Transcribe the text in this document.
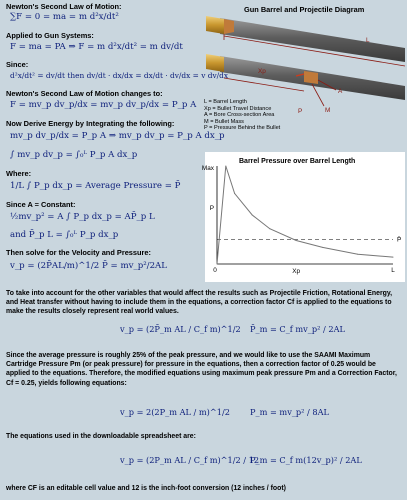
Newton's Second Law of Motion:
∑F = 0 = ma = m d²x/dt²
Applied to Gun Systems:
F = ma = PA ⇒ F = m d²x/dt² = m dv/dt
Since:
d²x/dt² = dv/dt then dv/dt · dx/dx = dx/dt · dv/dx = v dv/dx
Newton's Second Law of Motion changes to:
F = mv_p dv_p/dx = mv_p dv_p/dx = P_p A
Now Derive Energy by Integrating the following:
mv_p dv_p/dx = P_p A ⇒ mv_p dv_p = P_p A dx_p
∫ mv_p dv_p = ∫₀ᴸ P_p A dx_p
Where:
1/L ∫ P_p dx_p = Average Pressure = P̄
Since A = Constant:
½mv_p² = A ∫ P_p dx_p = AP̄_p L
and P̄_p L = ∫₀ᴸ P_p dx_p
Then solve for the Velocity and Pressure:
v_p = (2P̄AL/m)^1/2 P̄ = mv_p²/2AL
Gun Barrel and Projectile Diagram
L
Xp
A
M
P
L = Barrel Length
Xp = Bullet Travel Distance
A = Bore Cross-section Area
M = Bullet Mass
P = Pressure Behind the Bullet
Barrel Pressure over Barrel Length
Max
P
0	Xp	L
P̄
To take into account for the other variables that would affect the results such as Projectile Friction, Rotational Energy, and Heat transfer without having to include them in the equations, a correction factor Cf is applied to the equations to make the results closely represent real world values.
v_p = (2P̄_m AL / C_f m)^1/2 P̄_m = C_f mv_p² / 2AL
Since the average pressure is roughly 25% of the peak pressure, and we would like to use the SAAMI Maximum Cartridge Pressure Pm (or peak pressure) for pressure in the equations, then a correction factor of 0.25 would be applied to the equations. Therefore, the modified equations using maximum peak pressure Pm and a Correction Factor, Cf = 0.25, yields following equations:
v_p = 2(2P_m AL / m)^1/2 P_m = mv_p² / 8AL
The equations used in the downloadable spreadsheet are:
v_p = (2P_m AL / C_f m)^1/2 / 12
P_m = C_f m(12v_p)² / 2AL
where CF is an editable cell value and 12 is the inch-foot conversion (12 inches / foot)
